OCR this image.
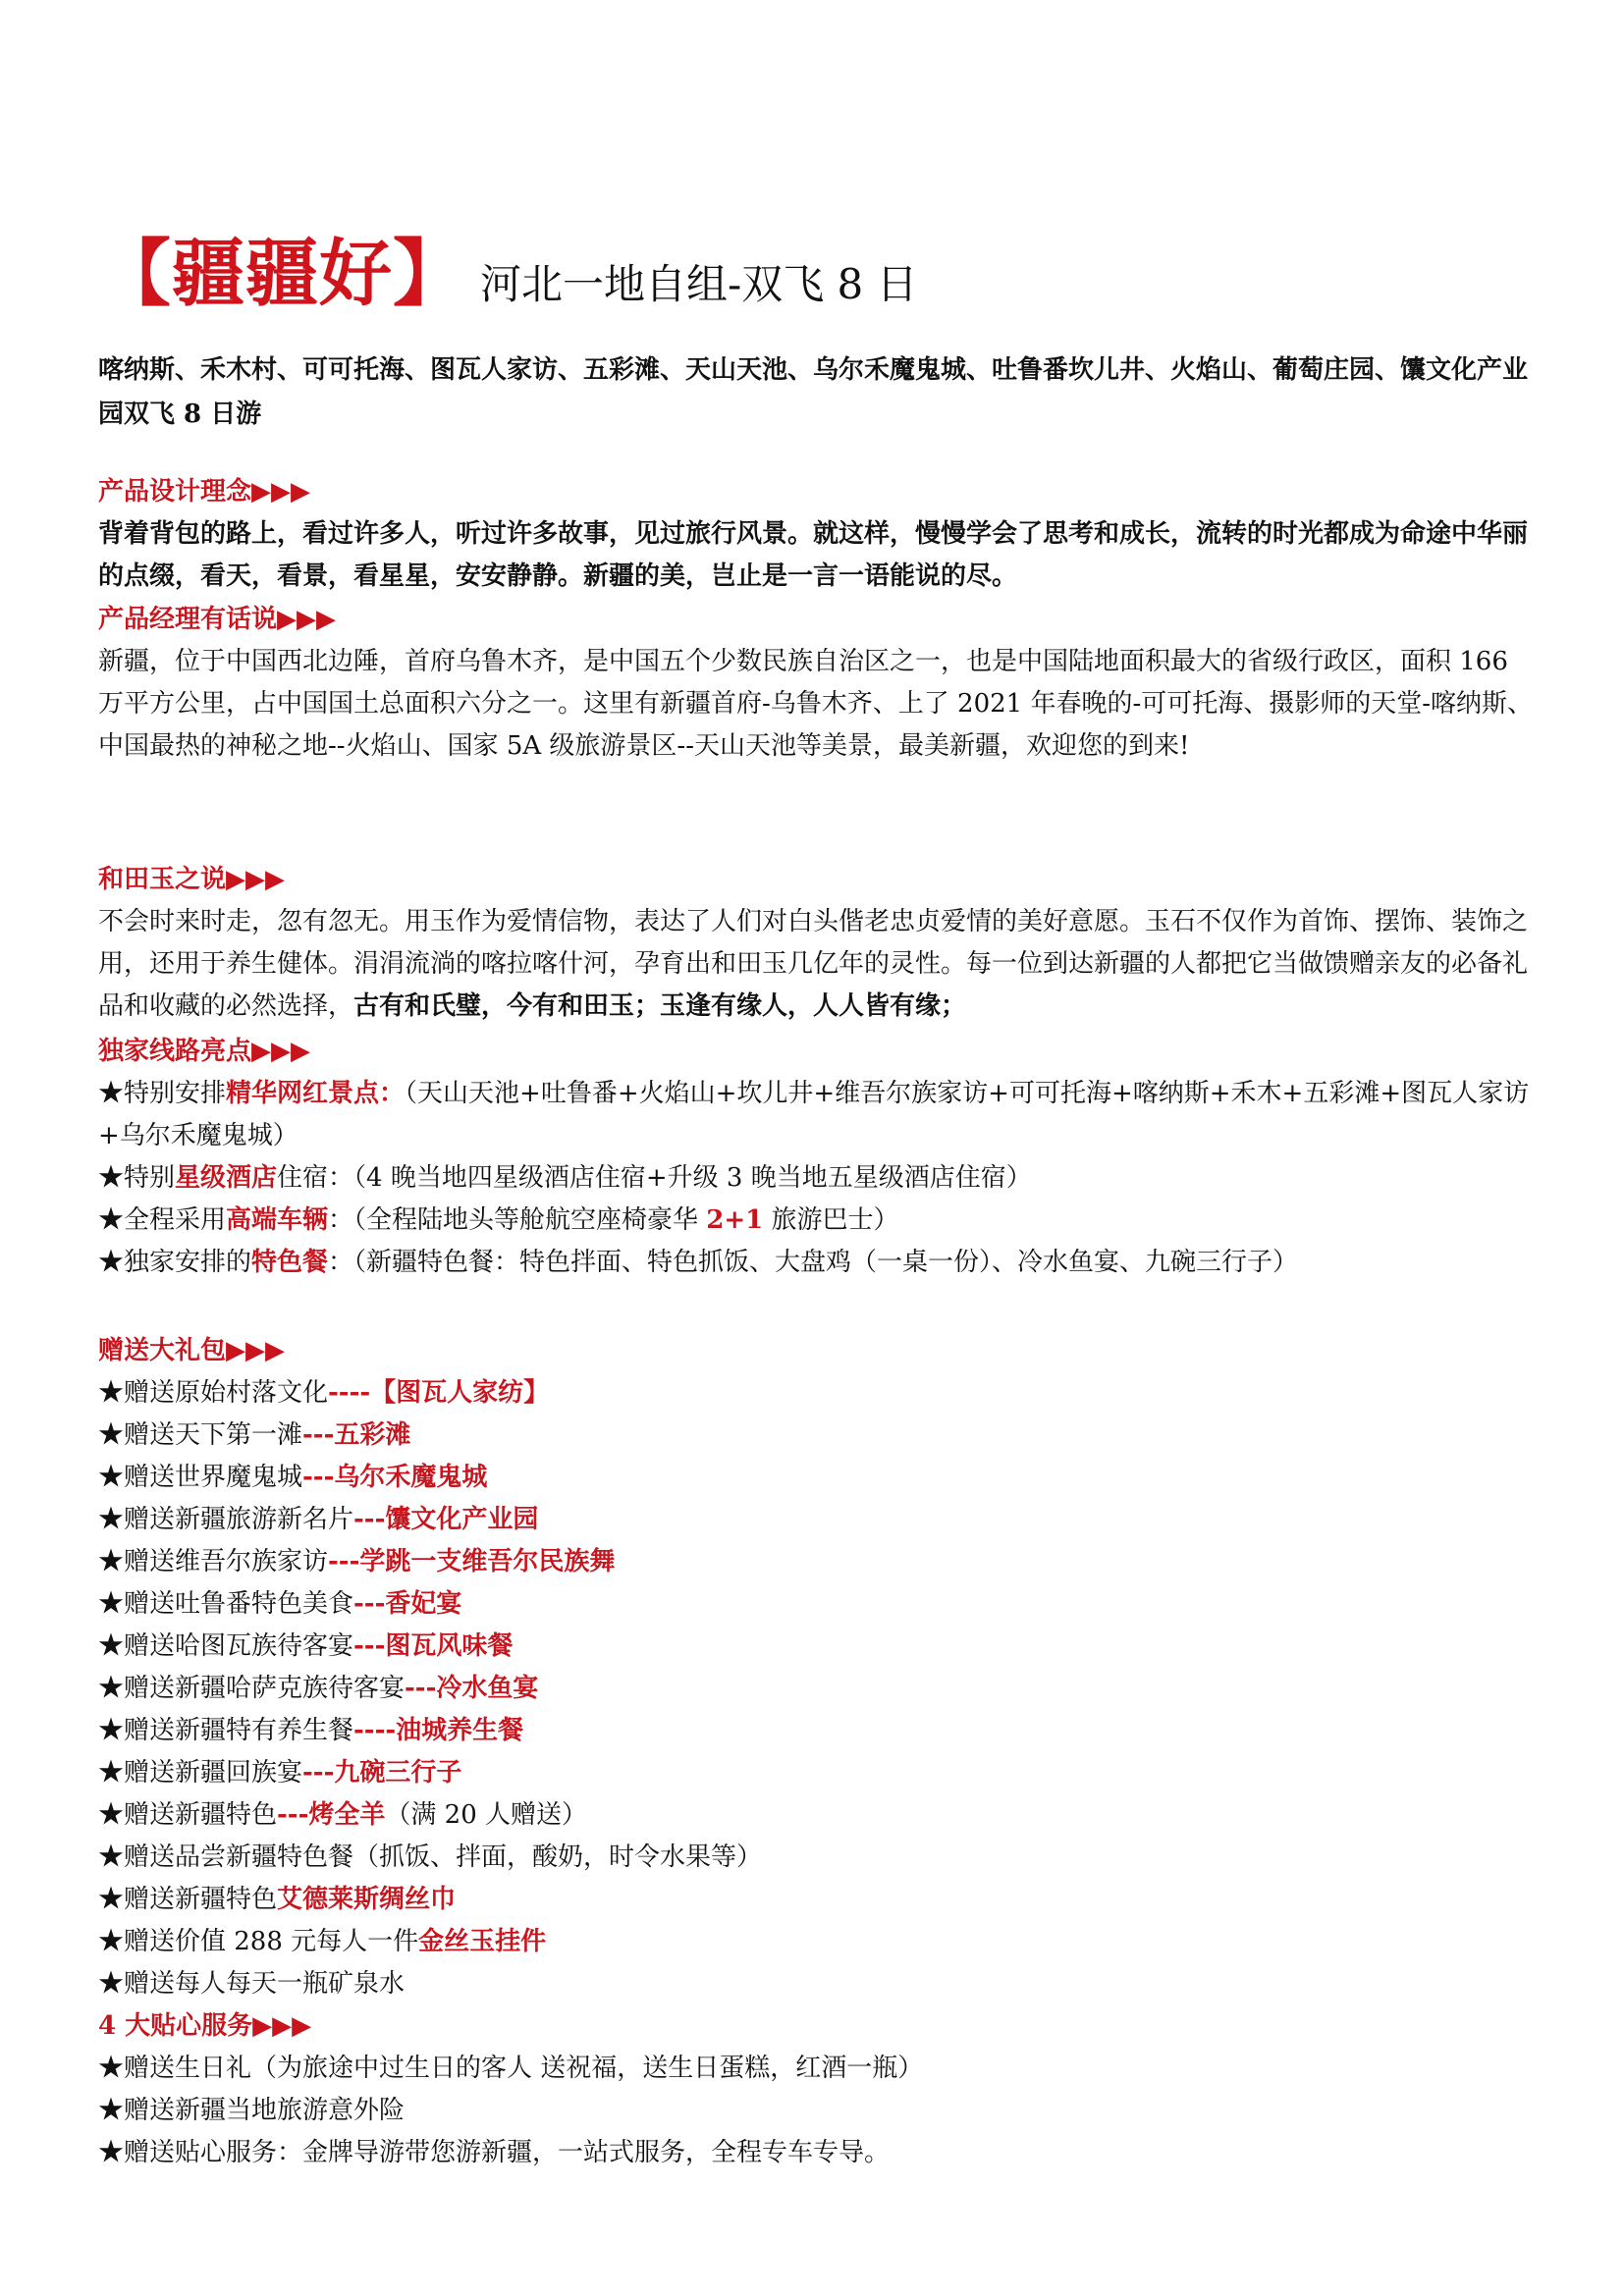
【疆疆好】 河北一地自组-双飞 8 日

喀纳斯、禾木村、可可托海、图瓦人家访、五彩滩、天山天池、乌尔禾魔鬼城、吐鲁番坎儿井、火焰山、葡萄庄园、馕文化产业园双飞 8 日游

产品设计理念▶▶▶

背着背包的路上，看过许多人，听过许多故事，见过旅行风景。就这样，慢慢学会了思考和成长，流转的时光都成为命途中华丽的点缀，看天，看景，看星星，安安静静。新疆的美，岂止是一言一语能说的尽。

产品经理有话说▶▶▶

新疆，位于中国西北边陲，首府乌鲁木齐，是中国五个少数民族自治区之一，也是中国陆地面积最大的省级行政区，面积 166 万平方公里，占中国国土总面积六分之一。这里有新疆首府-乌鲁木齐、上了 2021 年春晚的-可可托海、摄影师的天堂-喀纳斯、中国最热的神秘之地--火焰山、国家 5A 级旅游景区--天山天池等美景，最美新疆，欢迎您的到来!

和田玉之说▶▶▶

不会时来时走，忽有忽无。用玉作为爱情信物，表达了人们对白头偕老忠贞爱情的美好意愿。玉石不仅作为首饰、摆饰、装饰之用，还用于养生健体。涓涓流淌的喀拉喀什河，孕育出和田玉几亿年的灵性。每一位到达新疆的人都把它当做馈赠亲友的必备礼品和收藏的必然选择，古有和氏璧，今有和田玉；玉逢有缘人，人人皆有缘；

独家线路亮点▶▶▶

★特别安排精华网红景点：（天山天池+吐鲁番+火焰山+坎儿井+维吾尔族家访+可可托海+喀纳斯+禾木+五彩滩+图瓦人家访+乌尔禾魔鬼城）

★特别星级酒店住宿：（4 晚当地四星级酒店住宿+升级 3 晚当地五星级酒店住宿）

★全程采用高端车辆：（全程陆地头等舱航空座椅豪华 2+1 旅游巴士）

★独家安排的特色餐：（新疆特色餐：特色拌面、特色抓饭、大盘鸡（一桌一份）、冷水鱼宴、九碗三行子）

赠送大礼包▶▶▶

★赠送原始村落文化----【图瓦人家纺】

★赠送天下第一滩---五彩滩

★赠送世界魔鬼城---乌尔禾魔鬼城

★赠送新疆旅游新名片---馕文化产业园

★赠送维吾尔族家访---学跳一支维吾尔民族舞

★赠送吐鲁番特色美食---香妃宴

★赠送哈图瓦族待客宴---图瓦风味餐

★赠送新疆哈萨克族待客宴---冷水鱼宴

★赠送新疆特有养生餐----油城养生餐

★赠送新疆回族宴---九碗三行子

★赠送新疆特色---烤全羊（满 20 人赠送）

★赠送品尝新疆特色餐（抓饭、拌面，酸奶，时令水果等）

★赠送新疆特色艾德莱斯绸丝巾

★赠送价值 288 元每人一件金丝玉挂件

★赠送每人每天一瓶矿泉水

4 大贴心服务▶▶▶

★赠送生日礼（为旅途中过生日的客人 送祝福，送生日蛋糕，红酒一瓶）

★赠送新疆当地旅游意外险

★赠送贴心服务：金牌导游带您游新疆，一站式服务，全程专车专导。
